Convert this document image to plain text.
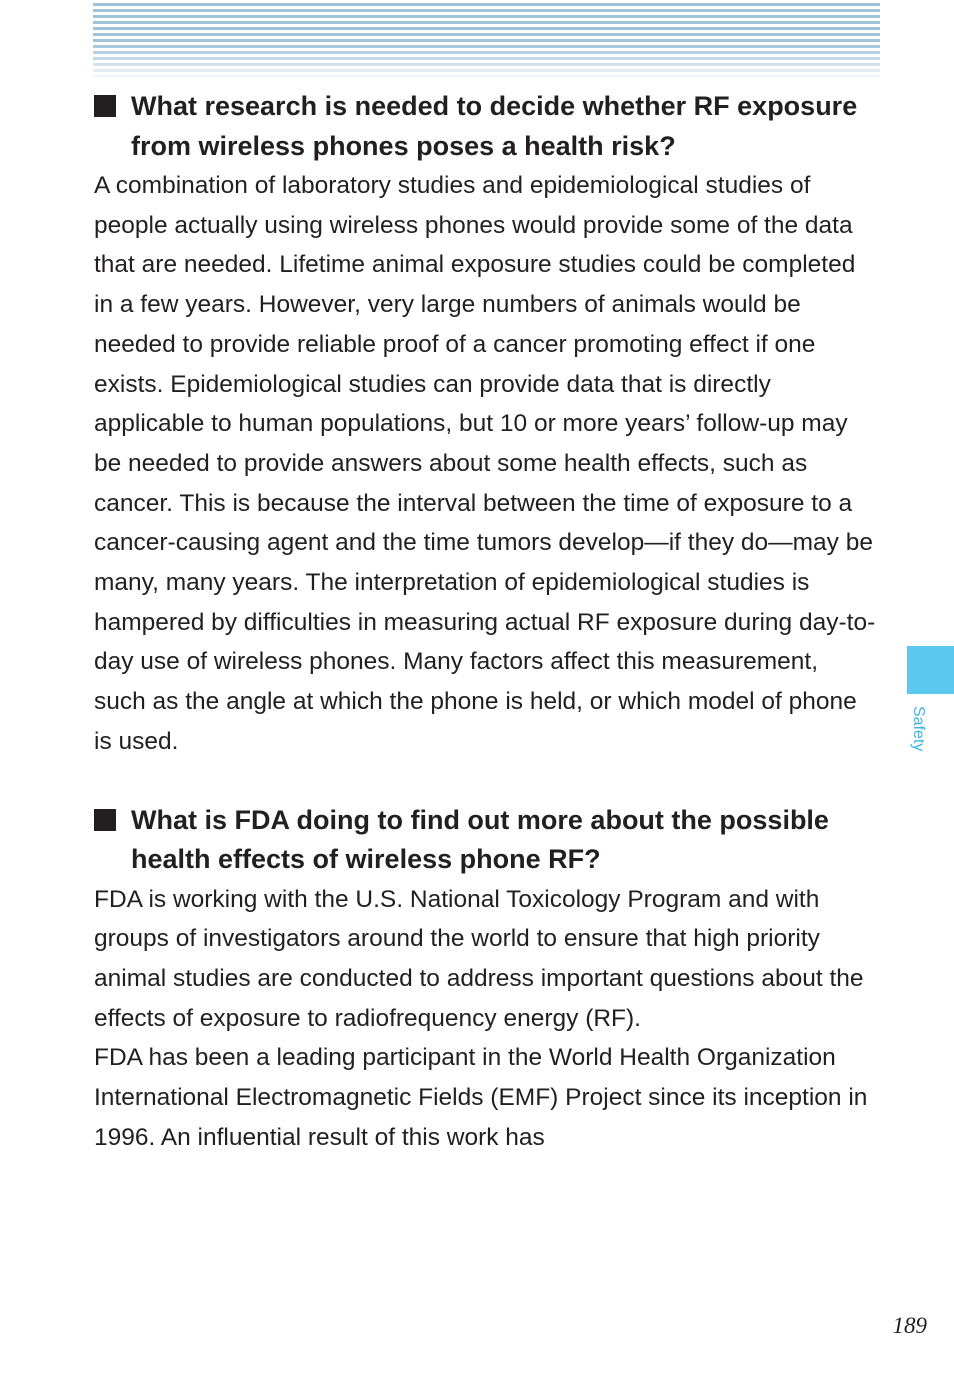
What research is needed to decide whether RF exposure from wireless phones poses a health risk?

A combination of laboratory studies and epidemiological studies of people actually using wireless phones would provide some of the data that are needed. Lifetime animal exposure studies could be completed in a few years. However, very large numbers of animals would be needed to provide reliable proof of a cancer promoting effect if one exists. Epidemiological studies can provide data that is directly applicable to human populations, but 10 or more years’ follow-up may be needed to provide answers about some health effects, such as cancer. This is because the interval between the time of exposure to a cancer-causing agent and the time tumors develop—if they do—may be many, many years. The interpretation of epidemiological studies is hampered by difficulties in measuring actual RF exposure during day-to-day use of wireless phones. Many factors affect this measurement, such as the angle at which the phone is held, or which model of phone is used.

What is FDA doing to find out more about the possible health effects of wireless phone RF?

FDA is working with the U.S. National Toxicology Program and with groups of investigators around the world to ensure that high priority animal studies are conducted to address important questions about the effects of exposure to radiofrequency energy (RF).

FDA has been a leading participant in the World Health Organization International Electromagnetic Fields (EMF) Project since its inception in 1996. An influential result of this work has

Safety
189
